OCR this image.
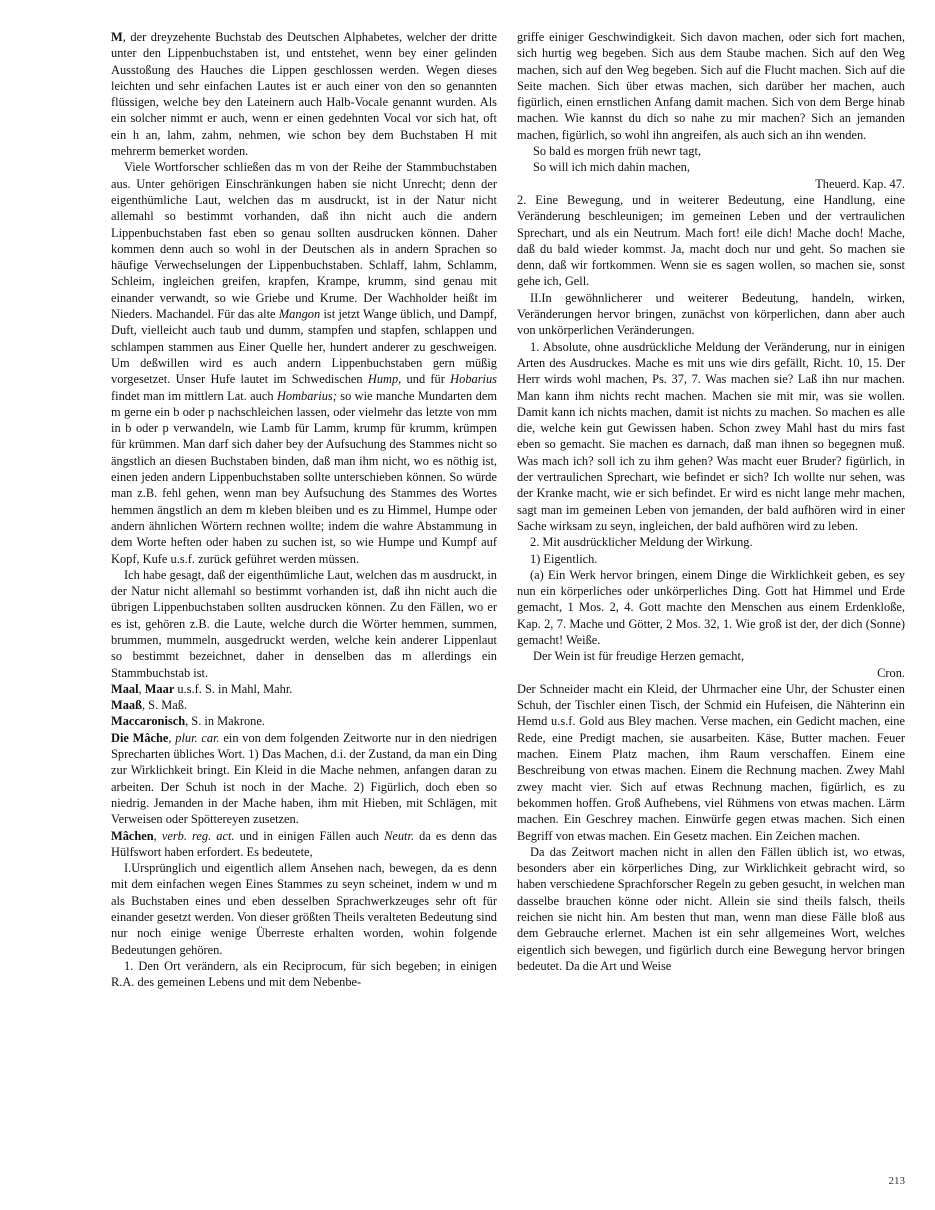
M, der dreyzehente Buchstab des Deutschen Alphabetes, welcher der dritte unter den Lippenbuchstaben ist, und entstehet, wenn bey einer gelinden Ausstoßung des Hauches die Lippen geschlossen werden. Wegen dieses leichten und sehr einfachen Lautes ist er auch einer von den so genannten flüssigen, welche bey den Lateinern auch Halb-Vocale genannt wurden. Als ein solcher nimmt er auch, wenn er einen gedehnten Vocal vor sich hat, oft ein h an, lahm, zahm, nehmen, wie schon bey dem Buchstaben H mit mehrerm bemerket worden.

Viele Wortforscher schließen das m von der Reihe der Stammbuchstaben aus. Unter gehörigen Einschränkungen haben sie nicht Unrecht; denn der eigenthümliche Laut, welchen das m ausdruckt, ist in der Natur nicht allemahl so bestimmt vorhanden, daß ihn nicht auch die andern Lippenbuchstaben fast eben so genau sollten ausdrucken können. Daher kommen denn auch so wohl in der Deutschen als in andern Sprachen so häufige Verwechselungen der Lippenbuchstaben. Schlaff, lahm, Schlamm, Schleim, ingleichen greifen, krapfen, Krampe, krumm, sind genau mit einander verwandt, so wie Griebe und Krume. Der Wachholder heißt im Nieders. Machandel. Für das alte Mangon ist jetzt Wange üblich, und Dampf, Duft, vielleicht auch taub und dumm, stampfen und stapfen, schlappen und schlampen stammen aus Einer Quelle her, hundert anderer zu geschweigen. Um deßwillen wird es auch andern Lippenbuchstaben gern müßig vorgesetzet. Unser Hufe lautet im Schwedischen Hump, und für Hobarius findet man im mittlern Lat. auch Hombarius; so wie manche Mundarten dem m gerne ein b oder p nachschleichen lassen, oder vielmehr das letzte von mm in b oder p verwandeln, wie Lamb für Lamm, krump für krumm, krümpen für krümmen. Man darf sich daher bey der Aufsuchung des Stammes nicht so ängstlich an diesen Buchstaben binden, daß man ihm nicht, wo es nöthig ist, einen jeden andern Lippenbuchstaben sollte unterschieben können. So würde man z.B. fehl gehen, wenn man bey Aufsuchung des Stammes des Wortes hemmen ängstlich an dem m kleben bleiben und es zu Himmel, Humpe oder andern ähnlichen Wörtern rechnen wollte; indem die wahre Abstammung in dem Worte heften oder haben zu suchen ist, so wie Humpe und Kumpf auf Kopf, Kufe u.s.f. zurück geführet werden müssen.

Ich habe gesagt, daß der eigenthümliche Laut, welchen das m ausdruckt, in der Natur nicht allemahl so bestimmt vorhanden ist, daß ihn nicht auch die übrigen Lippenbuchstaben sollten ausdrucken können. Zu den Fällen, wo er es ist, gehören z.B. die Laute, welche durch die Wörter hemmen, summen, brummen, mummeln, ausgedruckt werden, welche kein anderer Lippenlaut so bestimmt bezeichnet, daher in denselben das m allerdings ein Stammbuchstab ist.

Maal, Maar u.s.f. S. in Mahl, Mahr.

Maaß, S. Maß.

Maccaronisch, S. in Makrone.

Die Mâche, plur. car. ein von dem folgenden Zeitworte nur in den niedrigen Sprecharten übliches Wort. 1) Das Machen, d.i. der Zustand, da man ein Ding zur Wirklichkeit bringt. Ein Kleid in die Mache nehmen, anfangen daran zu arbeiten. Der Schuh ist noch in der Mache. 2) Figürlich, doch eben so niedrig. Jemanden in der Mache haben, ihm mit Hieben, mit Schlägen, mit Verweisen oder Spöttereyen zusetzen.

Mâchen, verb. reg. act. und in einigen Fällen auch Neutr. da es denn das Hülfswort haben erfordert. Es bedeutete,

I.Ursprünglich und eigentlich allem Ansehen nach, bewegen, da es denn mit dem einfachen wegen Eines Stammes zu seyn scheinet, indem w und m als Buchstaben eines und eben desselben Sprachwerkzeuges sehr oft für einander gesetzt werden. Von dieser größten Theils veralteten Bedeutung sind nur noch einige wenige Überreste erhalten worden, wohin folgende Bedeutungen gehören.

1. Den Ort verändern, als ein Reciprocum, für sich begeben; in einigen R.A. des gemeinen Lebens und mit dem Nebenbe-

griffe einiger Geschwindigkeit. Sich davon machen, oder sich fort machen, sich hurtig weg begeben. Sich aus dem Staube machen. Sich auf den Weg machen, sich auf den Weg begeben. Sich auf die Flucht machen. Sich auf die Seite machen. Sich über etwas machen, sich darüber her machen, auch figürlich, einen ernstlichen Anfang damit machen. Sich von dem Berge hinab machen. Wie kannst du dich so nahe zu mir machen? Sich an jemanden machen, figürlich, so wohl ihn angreifen, als auch sich an ihn wenden.

So bald es morgen früh newr tagt,

So will ich mich dahin machen,

Theuerd. Kap. 47.

2. Eine Bewegung, und in weiterer Bedeutung, eine Handlung, eine Veränderung beschleunigen; im gemeinen Leben und der vertraulichen Sprechart, und als ein Neutrum. Mach fort! eile dich! Mache doch! Mache, daß du bald wieder kommst. Ja, macht doch nur und geht. So machen sie denn, daß wir fortkommen. Wenn sie es sagen wollen, so machen sie, sonst gehe ich, Gell.

II.In gewöhnlicherer und weiterer Bedeutung, handeln, wirken, Veränderungen hervor bringen, zunächst von körperlichen, dann aber auch von unkörperlichen Veränderungen.

1. Absolute, ohne ausdrückliche Meldung der Veränderung, nur in einigen Arten des Ausdruckes. Mache es mit uns wie dirs gefällt, Richt. 10, 15. Der Herr wirds wohl machen, Ps. 37, 7. Was machen sie? Laß ihn nur machen. Man kann ihm nichts recht machen. Machen sie mit mir, was sie wollen. Damit kann ich nichts machen, damit ist nichts zu machen. So machen es alle die, welche kein gut Gewissen haben. Schon zwey Mahl hast du mirs fast eben so gemacht. Sie machen es darnach, daß man ihnen so begegnen muß. Was mach ich? soll ich zu ihm gehen? Was macht euer Bruder? figürlich, in der vertraulichen Sprechart, wie befindet er sich? Ich wollte nur sehen, was der Kranke macht, wie er sich befindet. Er wird es nicht lange mehr machen, sagt man im gemeinen Leben von jemanden, der bald aufhören wird in einer Sache wirksam zu seyn, ingleichen, der bald aufhören wird zu leben.

2. Mit ausdrücklicher Meldung der Wirkung.

1) Eigentlich.

(a) Ein Werk hervor bringen, einem Dinge die Wirklichkeit geben, es sey nun ein körperliches oder unkörperliches Ding. Gott hat Himmel und Erde gemacht, 1 Mos. 2, 4. Gott machte den Menschen aus einem Erdenkloße, Kap. 2, 7. Mache und Götter, 2 Mos. 32, 1. Wie groß ist der, der dich (Sonne) gemacht! Weiße.

Der Wein ist für freudige Herzen gemacht,

Cron.

Der Schneider macht ein Kleid, der Uhrmacher eine Uhr, der Schuster einen Schuh, der Tischler einen Tisch, der Schmid ein Hufeisen, die Nähterinn ein Hemd u.s.f. Gold aus Bley machen. Verse machen, ein Gedicht machen, eine Rede, eine Predigt machen, sie ausarbeiten. Käse, Butter machen. Feuer machen. Einem Platz machen, ihm Raum verschaffen. Einem eine Beschreibung von etwas machen. Einem die Rechnung machen. Zwey Mahl zwey macht vier. Sich auf etwas Rechnung machen, figürlich, es zu bekommen hoffen. Groß Aufhebens, viel Rühmens von etwas machen. Lärm machen. Ein Geschrey machen. Einwürfe gegen etwas machen. Sich einen Begriff von etwas machen. Ein Gesetz machen. Ein Zeichen machen.

Da das Zeitwort machen nicht in allen den Fällen üblich ist, wo etwas, besonders aber ein körperliches Ding, zur Wirklichkeit gebracht wird, so haben verschiedene Sprachforscher Regeln zu geben gesucht, in welchen man dasselbe brauchen könne oder nicht. Allein sie sind theils falsch, theils reichen sie nicht hin. Am besten thut man, wenn man diese Fälle bloß aus dem Gebrauche erlernet. Machen ist ein sehr allgemeines Wort, welches eigentlich sich bewegen, und figürlich durch eine Bewegung hervor bringen bedeutet. Da die Art und Weise

213
